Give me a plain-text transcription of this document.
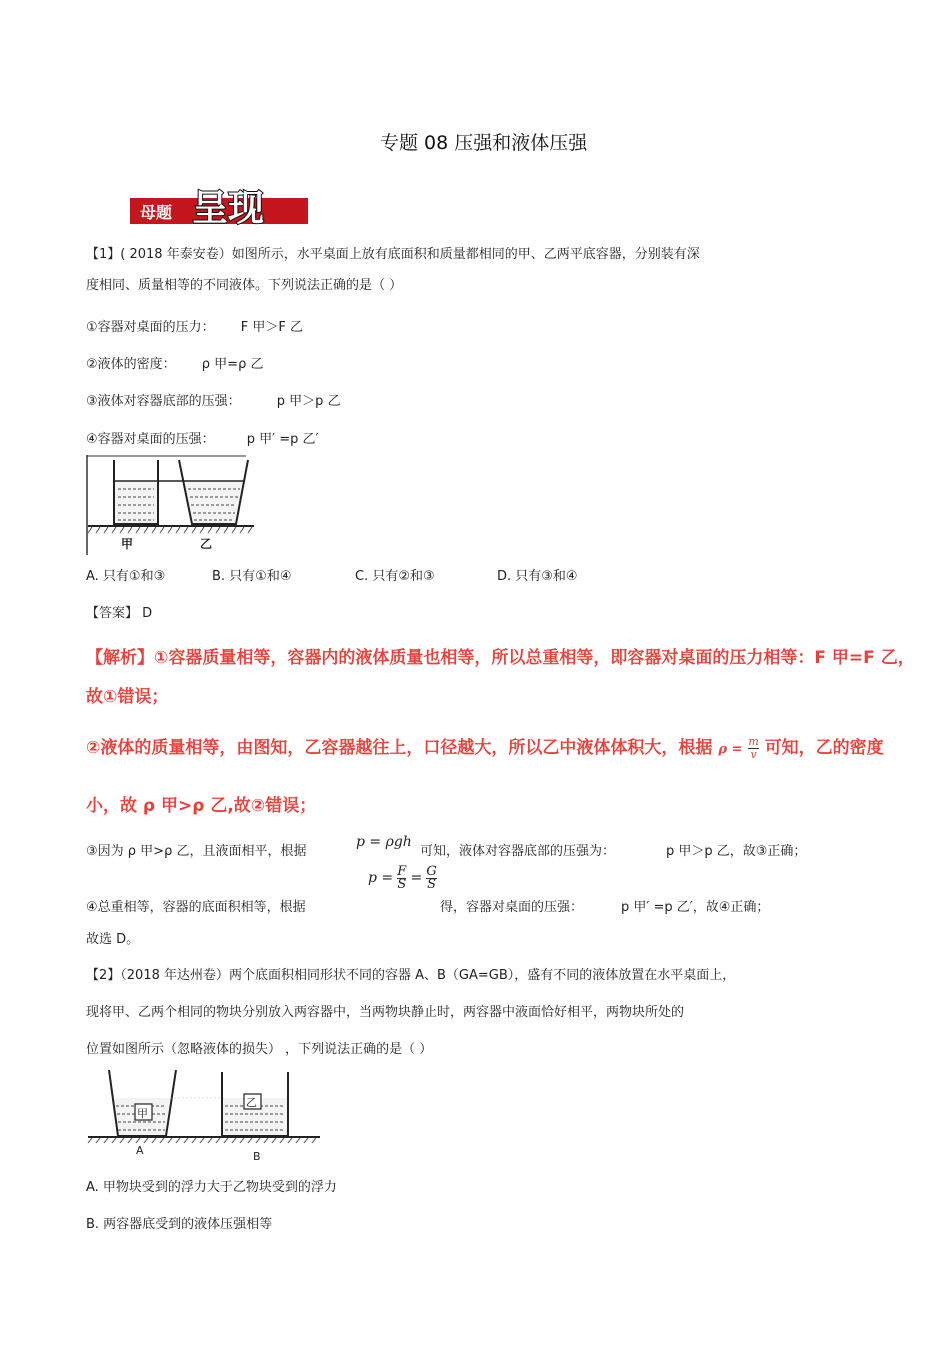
专题 08 压强和液体压强
母题 呈现
【1】( 2018 年泰安卷）如图所示，水平桌面上放有底面积和质量都相同的甲、乙两平底容器，分别装有深
度相同、质量相等的不同液体。下列说法正确的是（ ）
①容器对桌面的压力： F 甲＞F 乙
②液体的密度： ρ 甲=ρ 乙
③液体对容器底部的压强：	p 甲＞p 乙
④容器对桌面的压强： p 甲′ =p 乙′
甲	乙
A. 只有①和③	B. 只有①和④	C. 只有②和③	D. 只有③和④
【答案】 D
【解析】①容器质量相等，容器内的液体质量也相等，所以总重相等，即容器对桌面的压力相等：F 甲=F 乙，
故①错误；
②液体的质量相等，由图知，乙容器越往上，口径越大，所以乙中液体体积大，根据 $\rho = \frac{m}{v}$ 可知，乙的密度
小，故 ρ 甲>ρ 乙,故②错误；
③因为 ρ 甲>ρ 乙，且液面相平，根据
p = ρgh
可知，液体对容器底部的压强为：	p 甲＞p 乙，故③正确；
④总重相等，容器的底面积相等，根据
$p = \frac{F}{S} = \frac{G}{S}$
得，容器对桌面的压强：	p 甲′ =p 乙′，故④正确；
故选 D。
【2】（2018 年达州卷）两个底面积相同形状不同的容器 A、B（GA=GB），盛有不同的液体放置在水平桌面上，
现将甲、乙两个相同的物块分别放入两容器中，当两物块静止时，两容器中液面恰好相平，两物块所处的
位置如图所示（忽略液体的损失） ，下列说法正确的是（ ）
甲
乙
A	B
A. 甲物块受到的浮力大于乙物块受到的浮力
B. 两容器底受到的液体压强相等
